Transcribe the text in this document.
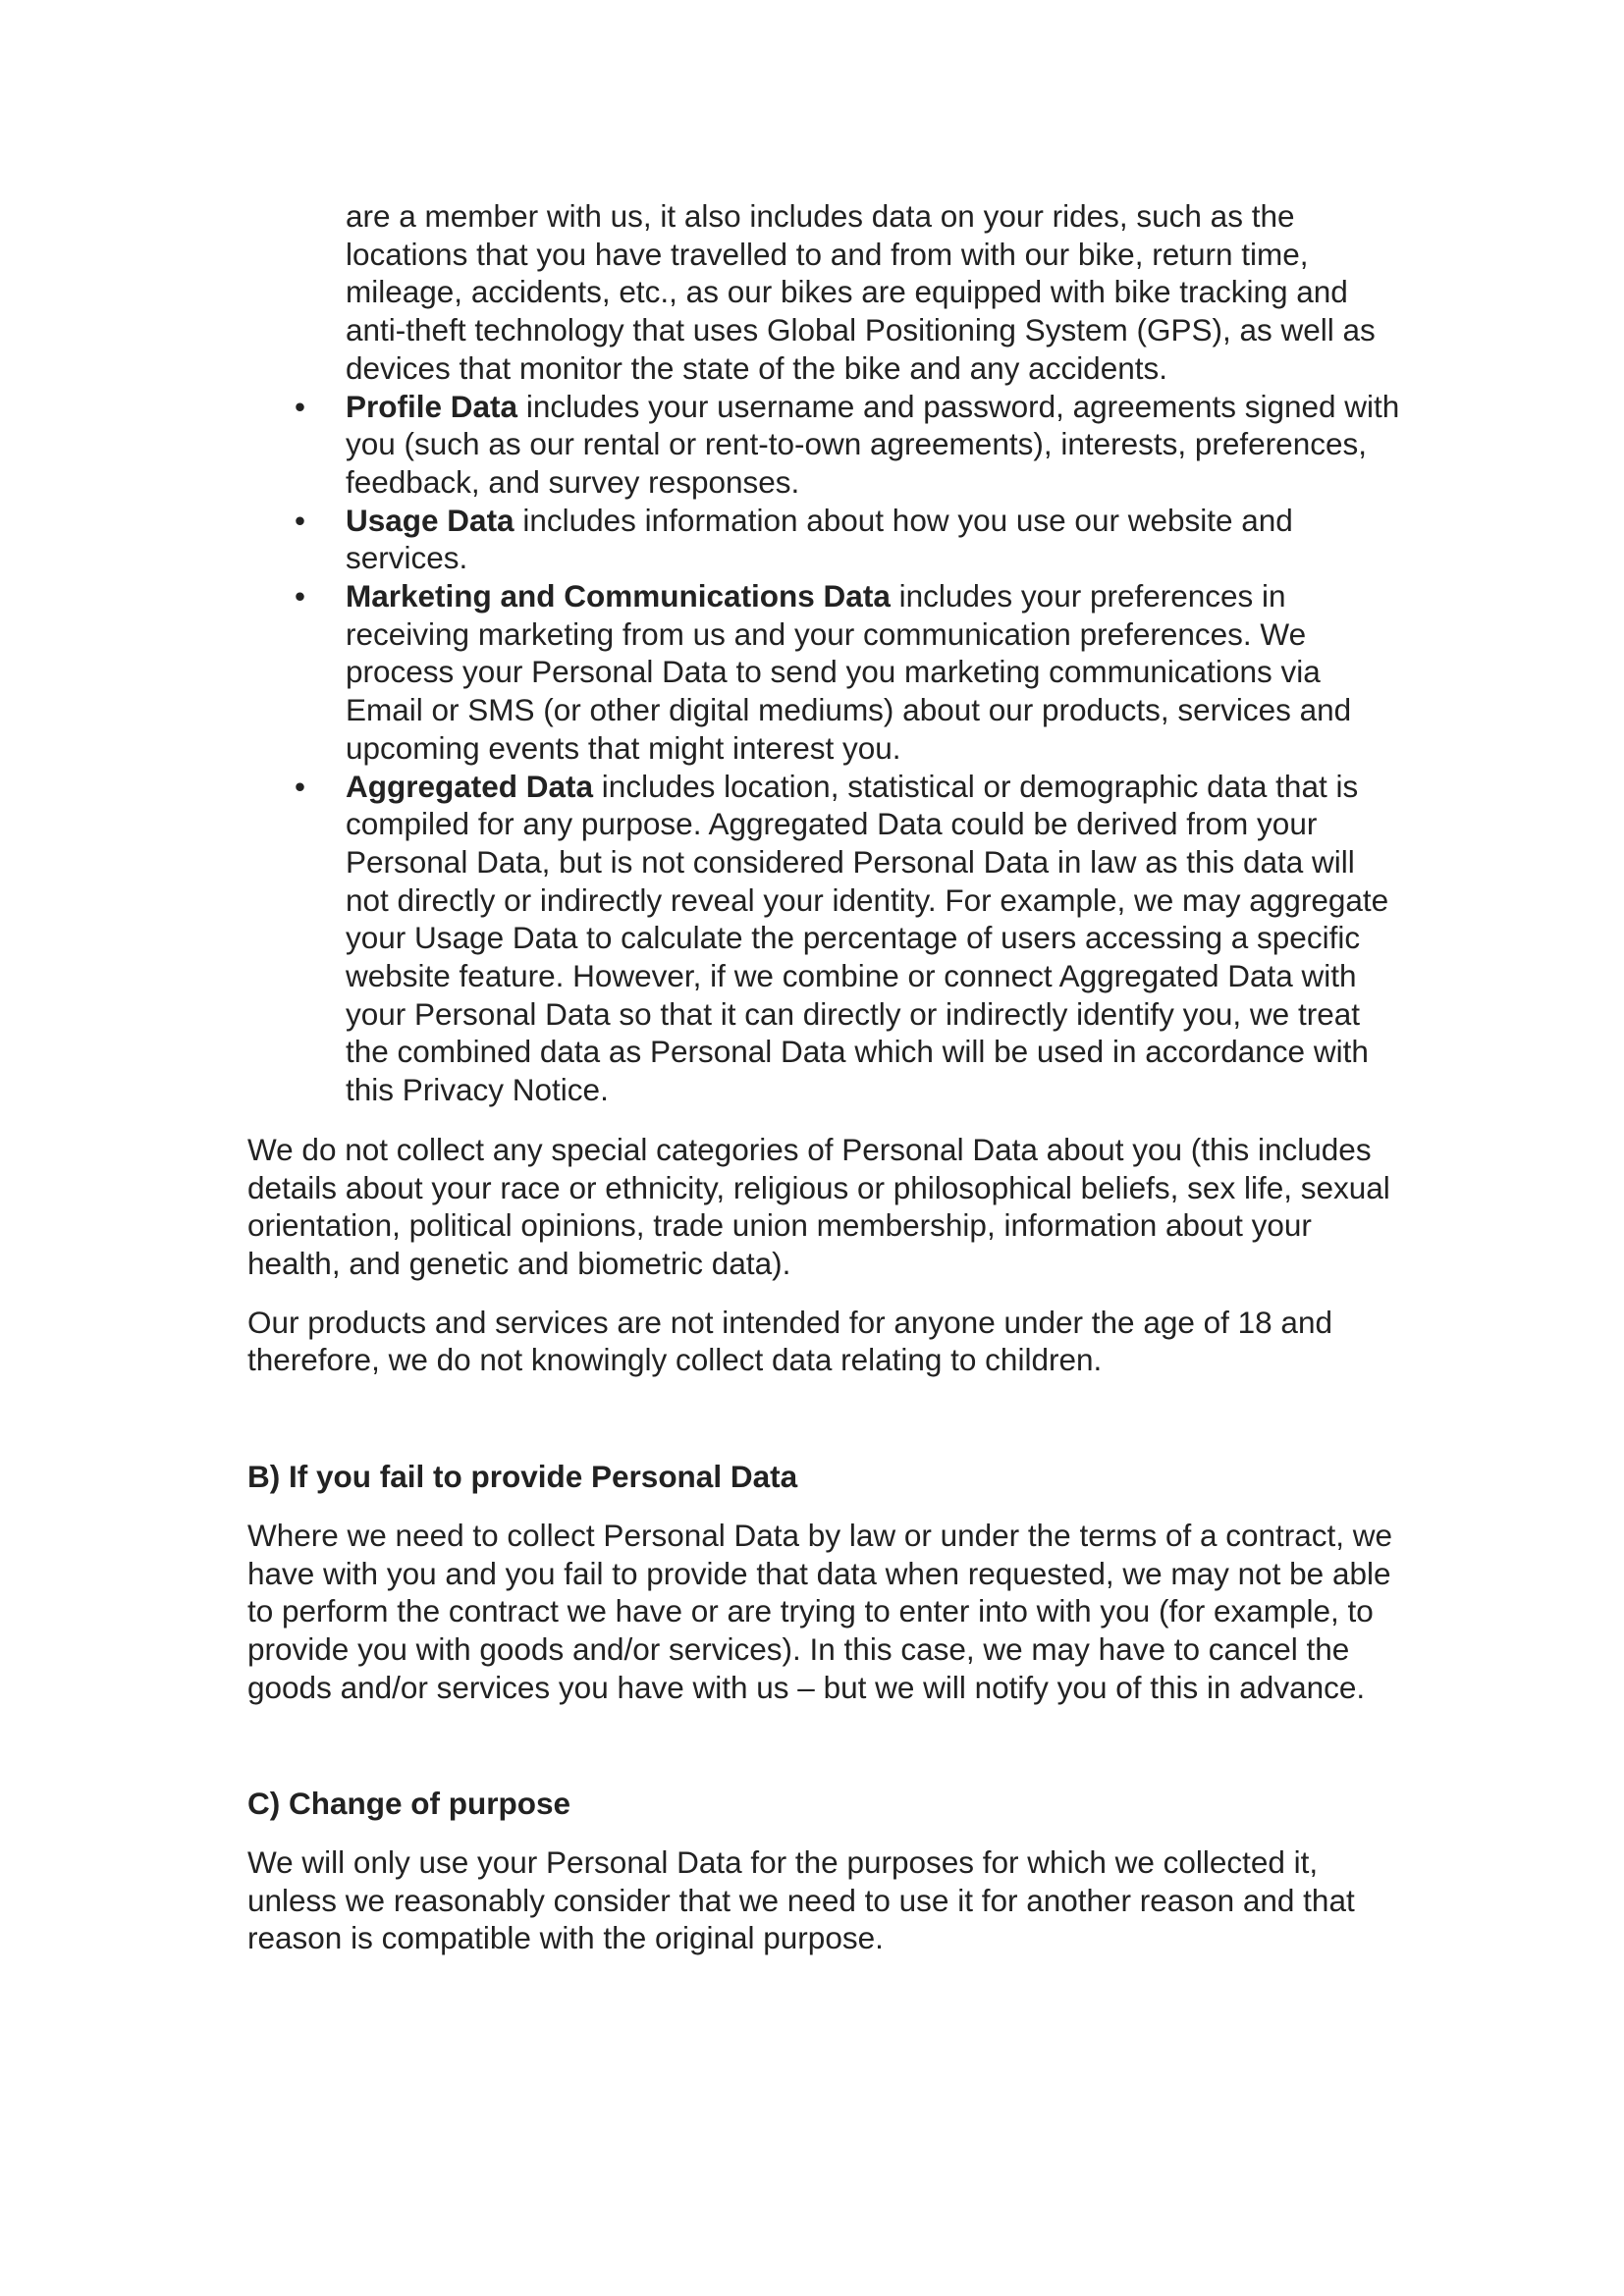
are a member with us, it also includes data on your rides, such as the locations that you have travelled to and from with our bike, return time, mileage, accidents, etc., as our bikes are equipped with bike tracking and anti-theft technology that uses Global Positioning System (GPS), as well as devices that monitor the state of the bike and any accidents.
• Profile Data includes your username and password, agreements signed with you (such as our rental or rent-to-own agreements), interests, preferences, feedback, and survey responses.
• Usage Data includes information about how you use our website and services.
• Marketing and Communications Data includes your preferences in receiving marketing from us and your communication preferences. We process your Personal Data to send you marketing communications via Email or SMS (or other digital mediums) about our products, services and upcoming events that might interest you.
• Aggregated Data includes location, statistical or demographic data that is compiled for any purpose. Aggregated Data could be derived from your Personal Data, but is not considered Personal Data in law as this data will not directly or indirectly reveal your identity. For example, we may aggregate your Usage Data to calculate the percentage of users accessing a specific website feature. However, if we combine or connect Aggregated Data with your Personal Data so that it can directly or indirectly identify you, we treat the combined data as Personal Data which will be used in accordance with this Privacy Notice.

We do not collect any special categories of Personal Data about you (this includes details about your race or ethnicity, religious or philosophical beliefs, sex life, sexual orientation, political opinions, trade union membership, information about your health, and genetic and biometric data).

Our products and services are not intended for anyone under the age of 18 and therefore, we do not knowingly collect data relating to children.

B) If you fail to provide Personal Data

Where we need to collect Personal Data by law or under the terms of a contract, we have with you and you fail to provide that data when requested, we may not be able to perform the contract we have or are trying to enter into with you (for example, to provide you with goods and/or services). In this case, we may have to cancel the goods and/or services you have with us – but we will notify you of this in advance.

C) Change of purpose

We will only use your Personal Data for the purposes for which we collected it, unless we reasonably consider that we need to use it for another reason and that reason is compatible with the original purpose.
